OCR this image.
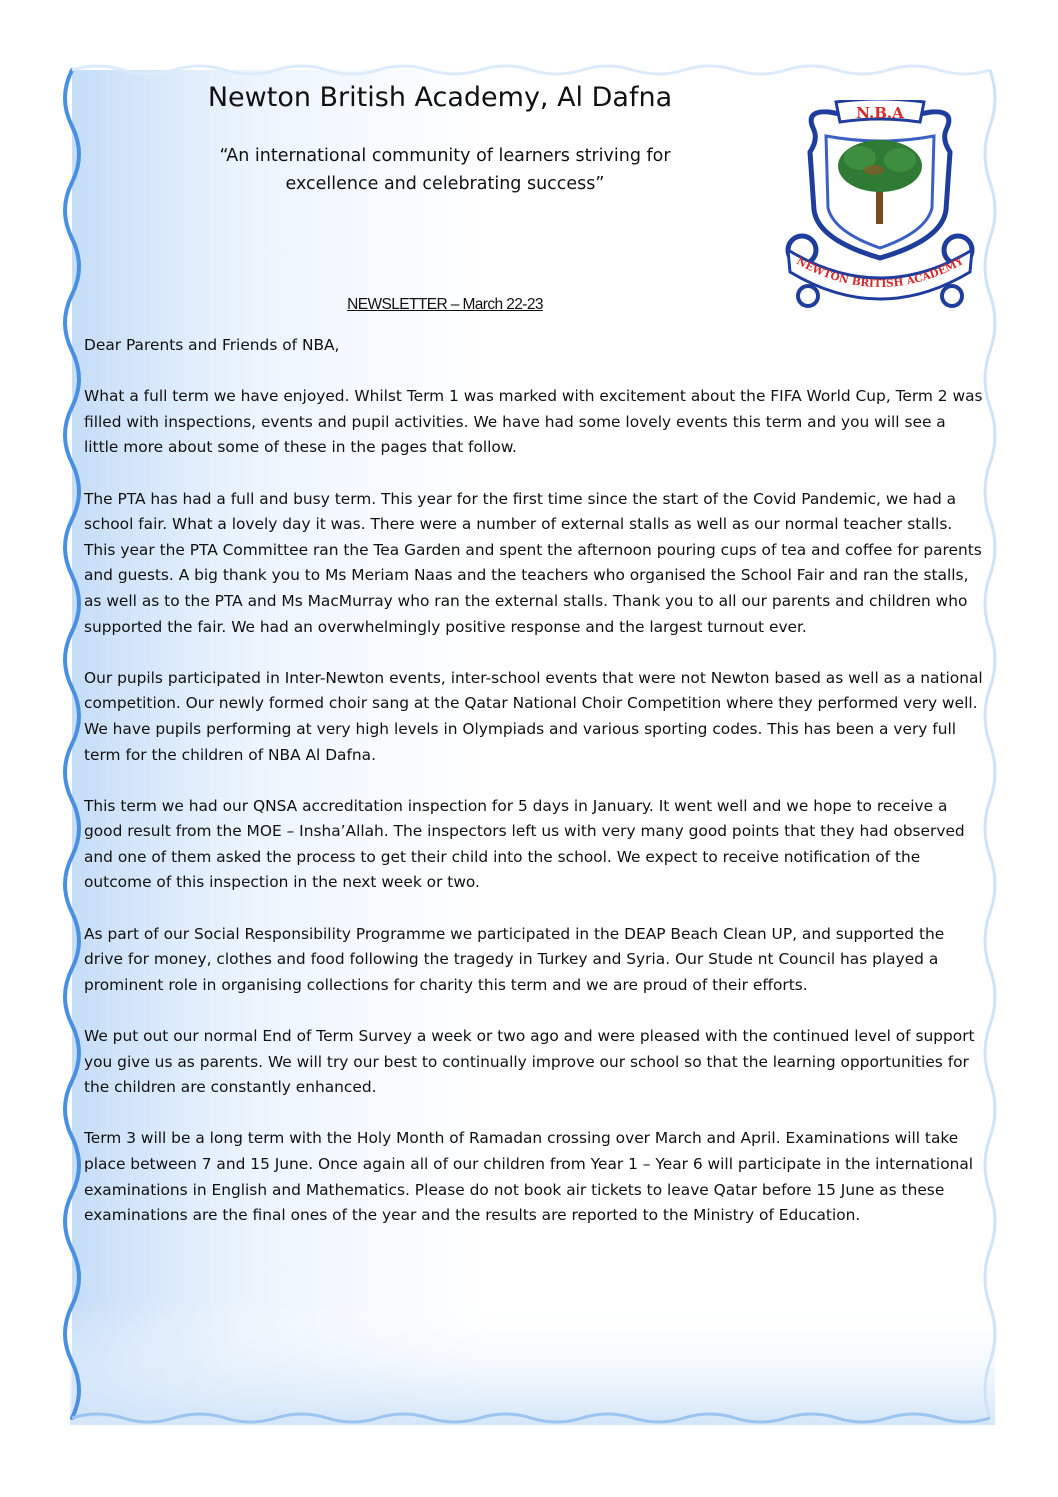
Newton British Academy, Al Dafna
“An international community of learners striving for
excellence and celebrating success”
NEWSLETTER – March 22-23
N.B.A
NEWTON BRITISH ACADEMY

Dear Parents and Friends of NBA,

What a full term we have enjoyed. Whilst Term 1 was marked with excitement about the FIFA World Cup, Term 2 was filled with inspections, events and pupil activities. We have had some lovely events this term and you will see a little more about some of these in the pages that follow.

The PTA has had a full and busy term. This year for the first time since the start of the Covid Pandemic, we had a school fair. What a lovely day it was. There were a number of external stalls as well as our normal teacher stalls. This year the PTA Committee ran the Tea Garden and spent the afternoon pouring cups of tea and coffee for parents and guests. A big thank you to Ms Meriam Naas and the teachers who organised the School Fair and ran the stalls, as well as to the PTA and Ms MacMurray who ran the external stalls. Thank you to all our parents and children who supported the fair. We had an overwhelmingly positive response and the largest turnout ever.

Our pupils participated in Inter-Newton events, inter-school events that were not Newton based as well as a national competition. Our newly formed choir sang at the Qatar National Choir Competition where they performed very well. We have pupils performing at very high levels in Olympiads and various sporting codes. This has been a very full term for the children of NBA Al Dafna.

This term we had our QNSA accreditation inspection for 5 days in January. It went well and we hope to receive a good result from the MOE – Insha’Allah. The inspectors left us with very many good points that they had observed and one of them asked the process to get their child into the school. We expect to receive notification of the outcome of this inspection in the next week or two.

As part of our Social Responsibility Programme we participated in the DEAP Beach Clean UP, and supported the drive for money, clothes and food following the tragedy in Turkey and Syria. Our Stude nt Council has played a prominent role in organising collections for charity this term and we are proud of their efforts.

We put out our normal End of Term Survey a week or two ago and were pleased with the continued level of support you give us as parents. We will try our best to continually improve our school so that the learning opportunities for the children are constantly enhanced.

Term 3 will be a long term with the Holy Month of Ramadan crossing over March and April. Examinations will take place between 7 and 15 June. Once again all of our children from Year 1 – Year 6 will participate in the international examinations in English and Mathematics. Please do not book air tickets to leave Qatar before 15 June as these examinations are the final ones of the year and the results are reported to the Ministry of Education.
